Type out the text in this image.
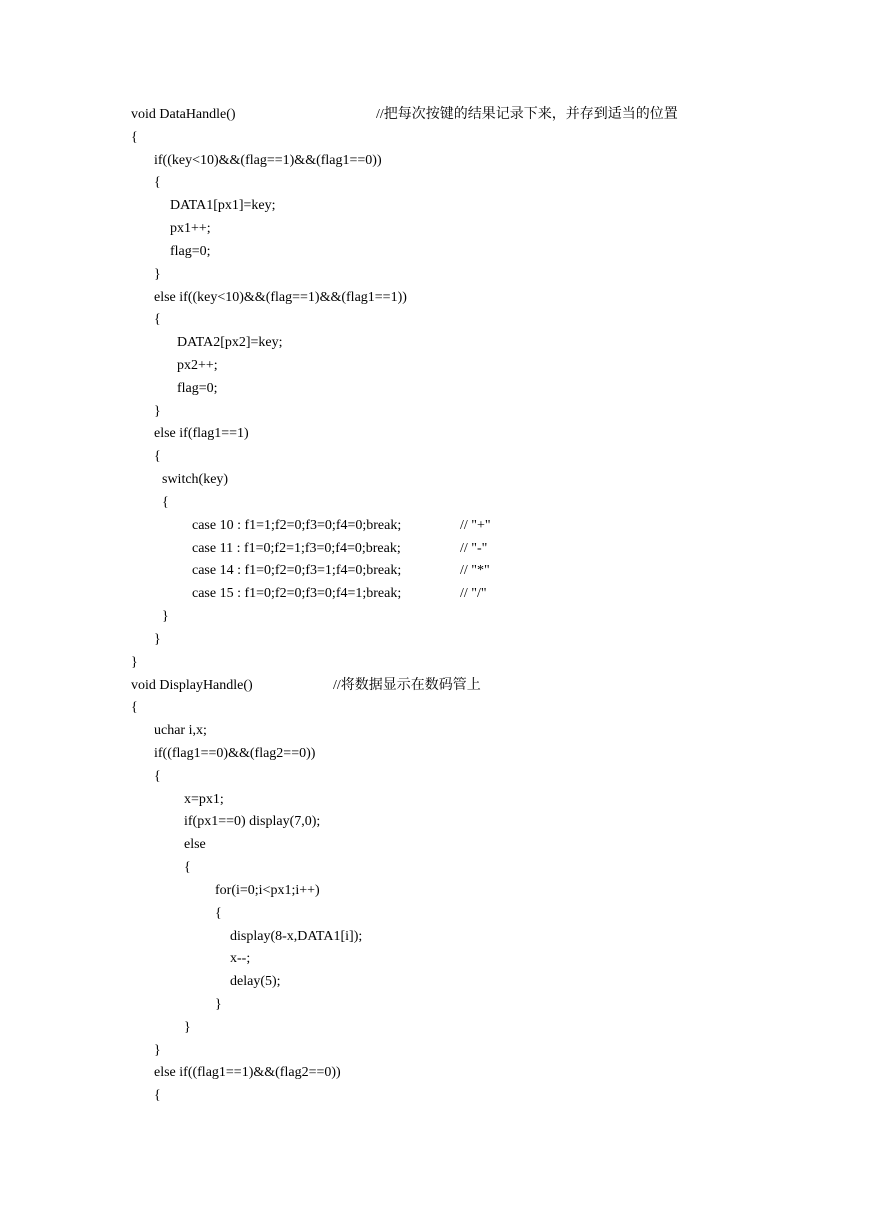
void DataHandle()	//把每次按键的结果记录下来，并存到适当的位置
{
if((key<10)&&(flag==1)&&(flag1==0))
{
DATA1[px1]=key;
px1++;
flag=0;
}
else if((key<10)&&(flag==1)&&(flag1==1))
{
DATA2[px2]=key;
px2++;
flag=0;
}
else if(flag1==1)
{
switch(key)
{
case 10 : f1=1;f2=0;f3=0;f4=0;break;	// "+"
case 11 : f1=0;f2=1;f3=0;f4=0;break;	// "-"
case 14 : f1=0;f2=0;f3=1;f4=0;break;	// "*"
case 15 : f1=0;f2=0;f3=0;f4=1;break;	// "/"
}
}
}
void DisplayHandle()	//将数据显示在数码管上
{
uchar i,x;
if((flag1==0)&&(flag2==0))
{
x=px1;
if(px1==0) display(7,0);
else
{
for(i=0;i<px1;i++)
{
display(8-x,DATA1[i]);
x--;
delay(5);
}
}
}
else if((flag1==1)&&(flag2==0))
{
